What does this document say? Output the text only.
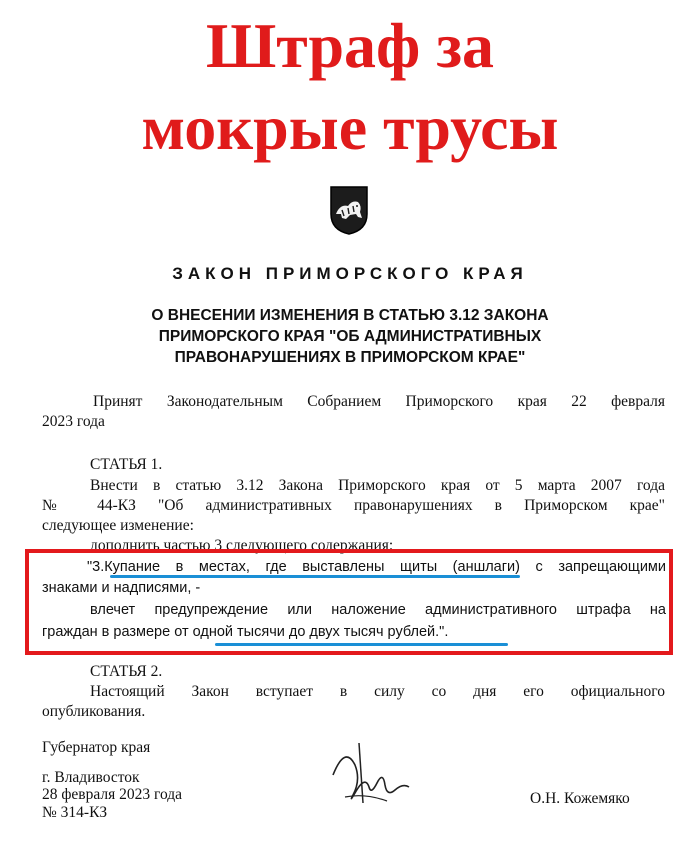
Штраф за
мокрые трусы
ЗАКОН ПРИМОРСКОГО КРАЯ
О ВНЕСЕНИИ ИЗМЕНЕНИЯ В СТАТЬЮ 3.12 ЗАКОНА
ПРИМОРСКОГО КРАЯ "ОБ АДМИНИСТРАТИВНЫХ
ПРАВОНАРУШЕНИЯХ В ПРИМОРСКОМ КРАЕ"
Принят Законодательным Собранием Приморского края 22 февраля
2023 года
СТАТЬЯ 1.
Внести в статью 3.12 Закона Приморского края от 5 марта 2007 года
№ 44-КЗ "Об административных правонарушениях в Приморском крае"
следующее изменение:
дополнить частью 3 следующего содержания:
"3.Купание в местах, где выставлены щиты (аншлаги) с запрещающими
знаками и надписями, -
влечет предупреждение или наложение административного штрафа на
граждан в размере от одной тысячи до двух тысяч рублей.".
СТАТЬЯ 2.
Настоящий Закон вступает в силу со дня его официального
опубликования.
Губернатор края
г. Владивосток
28 февраля 2023 года
№ 314-КЗ
О.Н. Кожемяко
